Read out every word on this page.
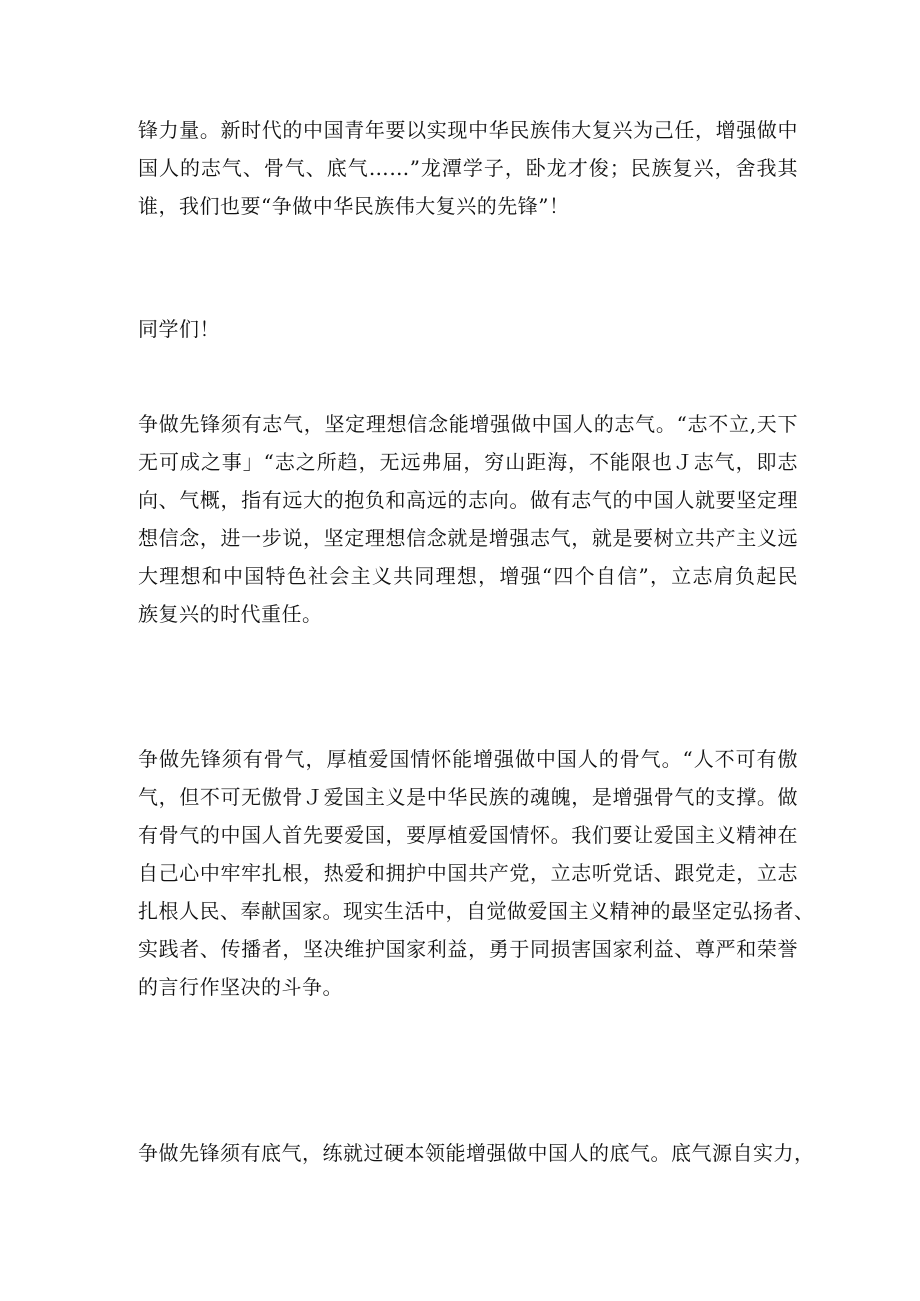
锋力量。新时代的中国青年要以实现中华民族伟大复兴为己任，增强做中
国人的志气、骨气、底气……”龙潭学子，卧龙才俊；民族复兴，舍我其
谁，我们也要“争做中华民族伟大复兴的先锋”！
同学们！
争做先锋须有志气，坚定理想信念能增强做中国人的志气。“志不立,天下
无可成之事」“志之所趋，无远弗届，穷山距海，不能限也Ｊ志气，即志
向、气概，指有远大的抱负和高远的志向。做有志气的中国人就要坚定理
想信念，进一步说，坚定理想信念就是增强志气，就是要树立共产主义远
大理想和中国特色社会主义共同理想，增强“四个自信”，立志肩负起民
族复兴的时代重任。
争做先锋须有骨气，厚植爱国情怀能增强做中国人的骨气。“人不可有傲
气，但不可无傲骨Ｊ爱国主义是中华民族的魂魄，是增强骨气的支撑。做
有骨气的中国人首先要爱国，要厚植爱国情怀。我们要让爱国主义精神在
自己心中牢牢扎根，热爱和拥护中国共产党，立志听党话、跟党走，立志
扎根人民、奉献国家。现实生活中，自觉做爱国主义精神的最坚定弘扬者、
实践者、传播者，坚决维护国家利益，勇于同损害国家利益、尊严和荣誉
的言行作坚决的斗争。
争做先锋须有底气，练就过硬本领能增强做中国人的底气。底气源自实力，
